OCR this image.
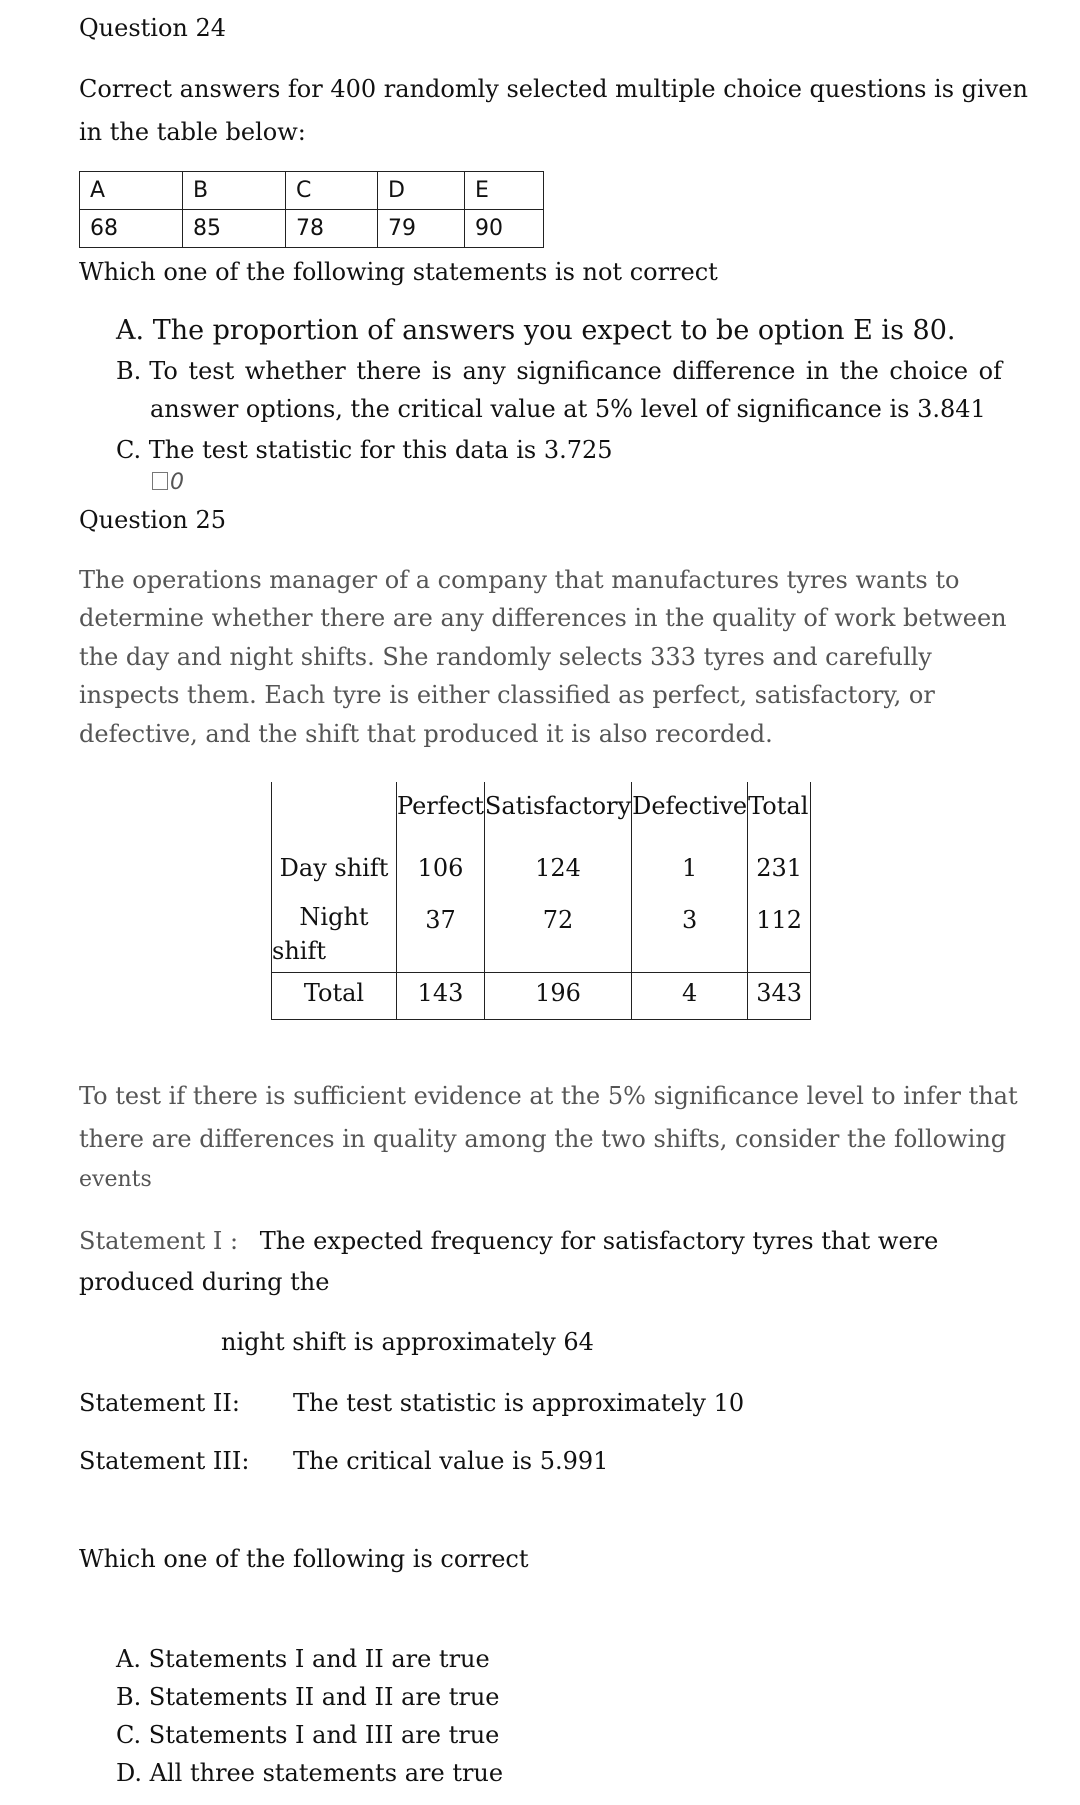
Question 24
Correct answers for 400 randomly selected multiple choice questions is given
in the table below:
A	B	C	D	E
68	85	78	79	90
Which one of the following statements is not correct
A. The proportion of answers you expect to be option E is 80.
B. To test whether there is any significance difference in the choice of
answer options, the critical value at 5% level of significance is 3.841
C. The test statistic for this data is 3.725
0
Question 25
The operations manager of a company that manufactures tyres wants to
determine whether there are any differences in the quality of work between
the day and night shifts. She randomly selects 333 tyres and carefully
inspects them. Each tyre is either classified as perfect, satisfactory, or
defective, and the shift that produced it is also recorded.
	Perfect	Satisfactory	Defective	Total
Day shift	106	124	1	231

Night
shift	37	72	3	112
Total	143	196	4	343
To test if there is sufficient evidence at the 5% significance level to infer that
there are differences in quality among the two shifts, consider the following
events
Statement I : The expected frequency for satisfactory tyres that were
produced during the
night shift is approximately 64
Statement II: The test statistic is approximately 10
Statement III: The critical value is 5.991
Which one of the following is correct
A. Statements I and II are true
B. Statements II and II are true
C. Statements I and III are true
D. All three statements are true
